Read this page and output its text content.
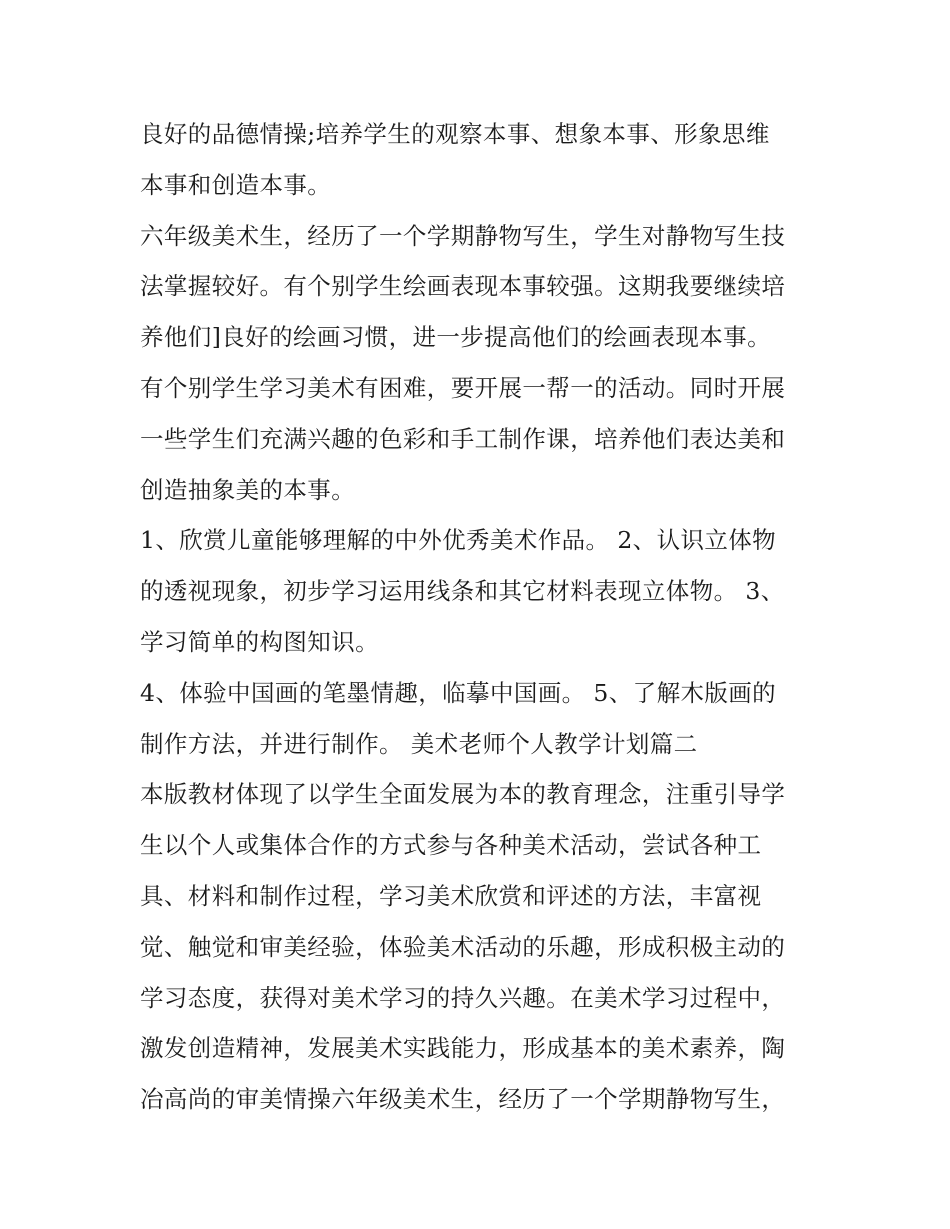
良好的品德情操;培养学生的观察本事、想象本事、形象思维
本事和创造本事。
六年级美术生，经历了一个学期静物写生，学生对静物写生技
法掌握较好。有个别学生绘画表现本事较强。这期我要继续培
养他们]良好的绘画习惯，进一步提高他们的绘画表现本事。
有个别学生学习美术有困难，要开展一帮一的活动。同时开展
一些学生们充满兴趣的色彩和手工制作课，培养他们表达美和
创造抽象美的本事。
1、欣赏儿童能够理解的中外优秀美术作品。 2、认识立体物
的透视现象，初步学习运用线条和其它材料表现立体物。 3、
学习简单的构图知识。
4、体验中国画的笔墨情趣，临摹中国画。 5、了解木版画的
制作方法，并进行制作。 美术老师个人教学计划篇二
本版教材体现了以学生全面发展为本的教育理念，注重引导学
生以个人或集体合作的方式参与各种美术活动，尝试各种工
具、材料和制作过程，学习美术欣赏和评述的方法，丰富视
觉、触觉和审美经验，体验美术活动的乐趣，形成积极主动的
学习态度，获得对美术学习的持久兴趣。在美术学习过程中，
激发创造精神，发展美术实践能力，形成基本的美术素养，陶
冶高尚的审美情操六年级美术生，经历了一个学期静物写生，
